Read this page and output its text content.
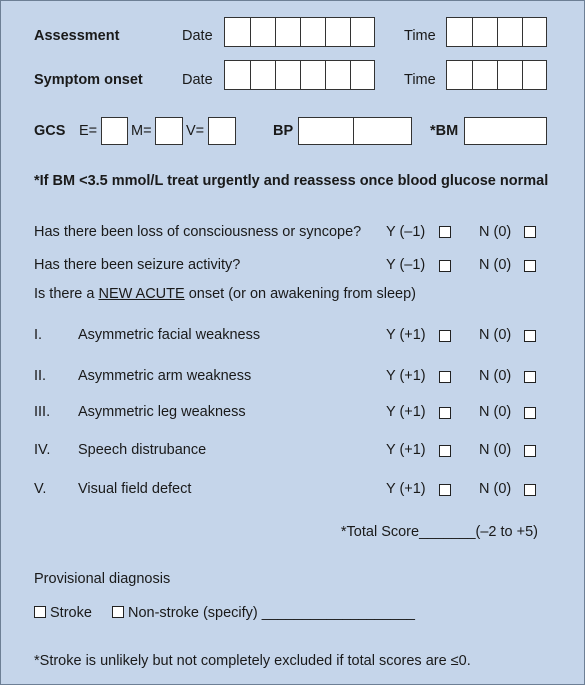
Assessment	Date	Time
Symptom onset	Date	Time
GCS E= M= V=	BP	*BM
*If BM <3.5 mmol/L treat urgently and reassess once blood glucose normal
Has there been loss of consciousness or syncope? Y (–1)	N (0)
Has there been seizure activity?	Y (–1)	N (0)
Is there a NEW ACUTE onset (or on awakening from sleep)
I. Asymmetric facial weakness	Y (+1)	N (0)
II. Asymmetric arm weakness	Y (+1)	N (0)
III. Asymmetric leg weakness	Y (+1)	N (0)
IV. Speech distrubance	Y (+1)	N (0)
V. Visual field defect	Y (+1)	N (0)
*Total Score_______(–2 to +5)
Provisional diagnosis
Stroke	Non-stroke (specify) ___________________
*Stroke is unlikely but not completely excluded if total scores are ≤0.
